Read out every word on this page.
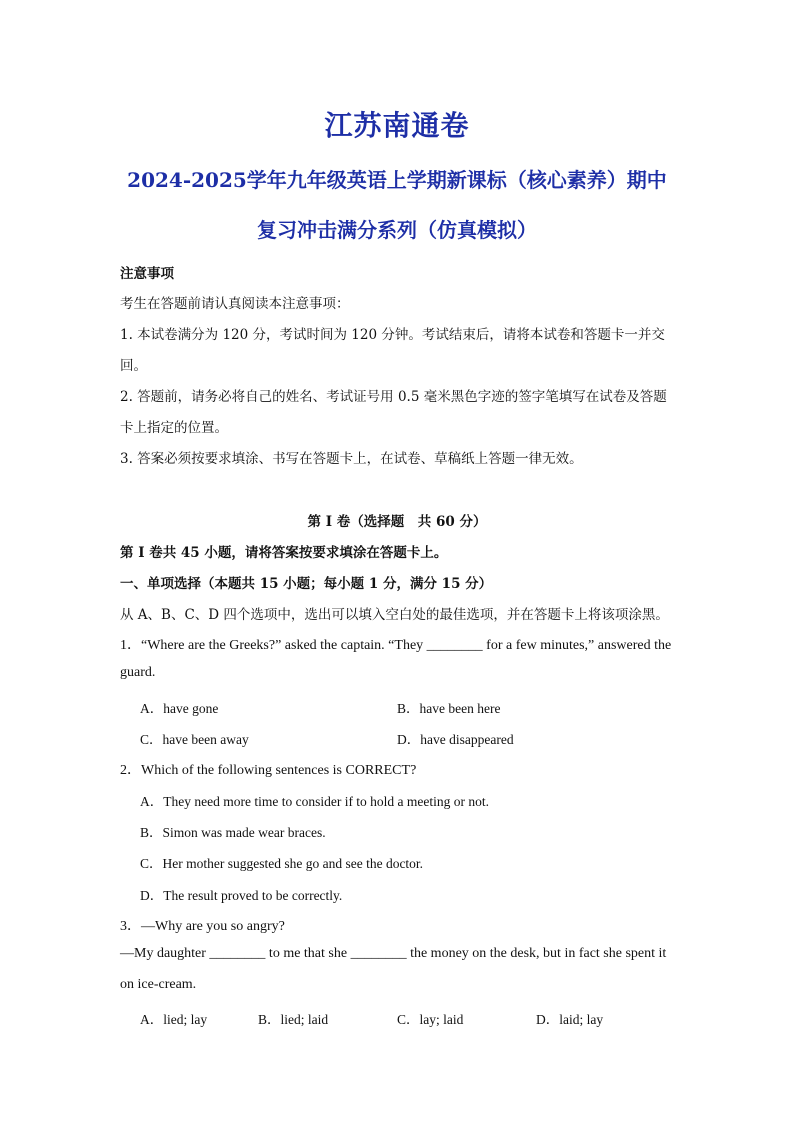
江苏南通卷
2024-2025学年九年级英语上学期新课标（核心素养）期中
复习冲击满分系列（仿真模拟）
注意事项
考生在答题前请认真阅读本注意事项：
1. 本试卷满分为 120 分，考试时间为 120 分钟。考试结束后，请将本试卷和答题卡一并交
回。
2. 答题前，请务必将自己的姓名、考试证号用 0.5 毫米黑色字迹的签字笔填写在试卷及答题
卡上指定的位置。
3. 答案必须按要求填涂、书写在答题卡上，在试卷、草稿纸上答题一律无效。
第 I 卷（选择题　共 60 分）
第 I 卷共 45 小题，请将答案按要求填涂在答题卡上。
一、单项选择（本题共 15 小题；每小题 1 分，满分 15 分）
从 A、B、C、D 四个选项中，选出可以填入空白处的最佳选项，并在答题卡上将该项涂黑。
1．“Where are the Greeks?” asked the captain. “They ________ for a few minutes,” answered the
guard.
A．have gone	B．have been here
C．have been away	D．have disappeared
2．Which of the following sentences is CORRECT?
A．They need more time to consider if to hold a meeting or not.
B．Simon was made wear braces.
C．Her mother suggested she go and see the doctor.
D．The result proved to be correctly.
3．—Why are you so angry?
—My daughter ________ to me that she ________ the money on the desk, but in fact she spent it
on ice-cream.
A．lied; lay	B．lied; laid	C．lay; laid	D．laid; lay
